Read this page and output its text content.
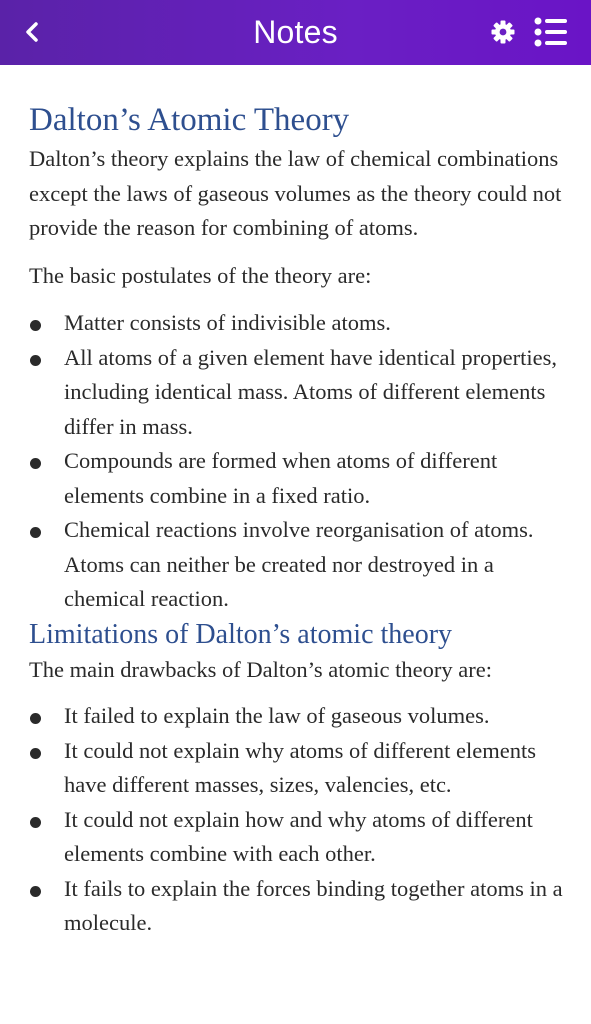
Notes
Dalton’s Atomic Theory

Dalton’s theory explains the law of chemical combinations except the laws of gaseous volumes as the theory could not provide the reason for combining of atoms.

The basic postulates of the theory are:

Matter consists of indivisible atoms.
All atoms of a given element have identical properties, including identical mass. Atoms of different elements differ in mass.
Compounds are formed when atoms of different elements combine in a fixed ratio.
Chemical reactions involve reorganisation of atoms. Atoms can neither be created nor destroyed in a chemical reaction.
Limitations of Dalton’s atomic theory

The main drawbacks of Dalton’s atomic theory are:

It failed to explain the law of gaseous volumes.
It could not explain why atoms of different elements have different masses, sizes, valencies, etc.
It could not explain how and why atoms of different elements combine with each other.
It fails to explain the forces binding together atoms in a molecule.
